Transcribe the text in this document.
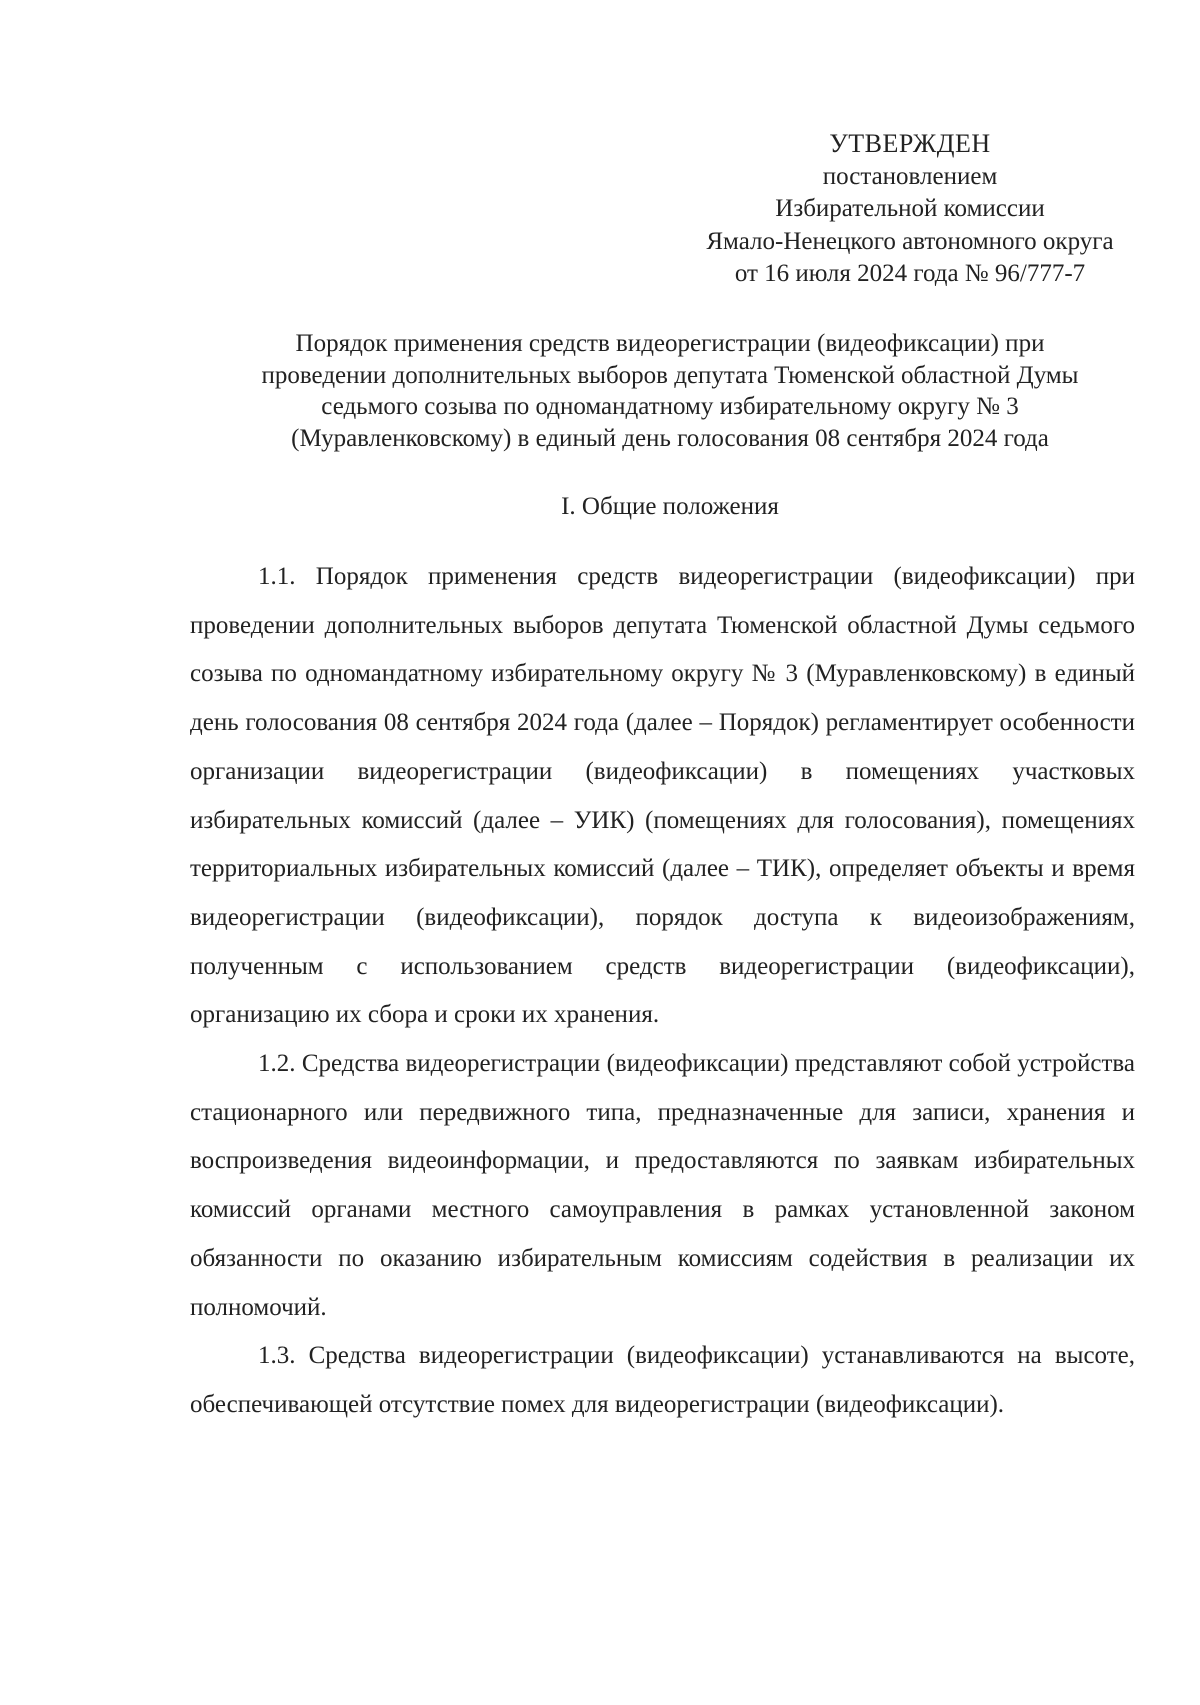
УТВЕРЖДЕН
постановлением
Избирательной комиссии
Ямало-Ненецкого автономного округа
от 16 июля 2024 года № 96/777-7
Порядок применения средств видеорегистрации (видеофиксации) при
проведении дополнительных выборов депутата Тюменской областной Думы
седьмого созыва по одномандатному избирательному округу № 3
(Муравленковскому) в единый день голосования 08 сентября 2024 года
I. Общие положения

1.1. Порядок применения средств видеорегистрации (видеофиксации) при проведении дополнительных выборов депутата Тюменской областной Думы седьмого созыва по одномандатному избирательному округу № 3 (Муравленковскому) в единый день голосования 08 сентября 2024 года (далее – Порядок) регламентирует особенности организации видеорегистрации (видеофиксации) в помещениях участковых избирательных комиссий (далее – УИК) (помещениях для голосования), помещениях территориальных избирательных комиссий (далее – ТИК), определяет объекты и время видеорегистрации (видеофиксации), порядок доступа к видеоизображениям, полученным с использованием средств видеорегистрации (видеофиксации), организацию их сбора и сроки их хранения.

1.2. Средства видеорегистрации (видеофиксации) представляют собой устройства стационарного или передвижного типа, предназначенные для записи, хранения и воспроизведения видеоинформации, и предоставляются по заявкам избирательных комиссий органами местного самоуправления в рамках установленной законом обязанности по оказанию избирательным комиссиям содействия в реализации их полномочий.

1.3. Средства видеорегистрации (видеофиксации) устанавливаются на высоте, обеспечивающей отсутствие помех для видеорегистрации (видеофиксации).
